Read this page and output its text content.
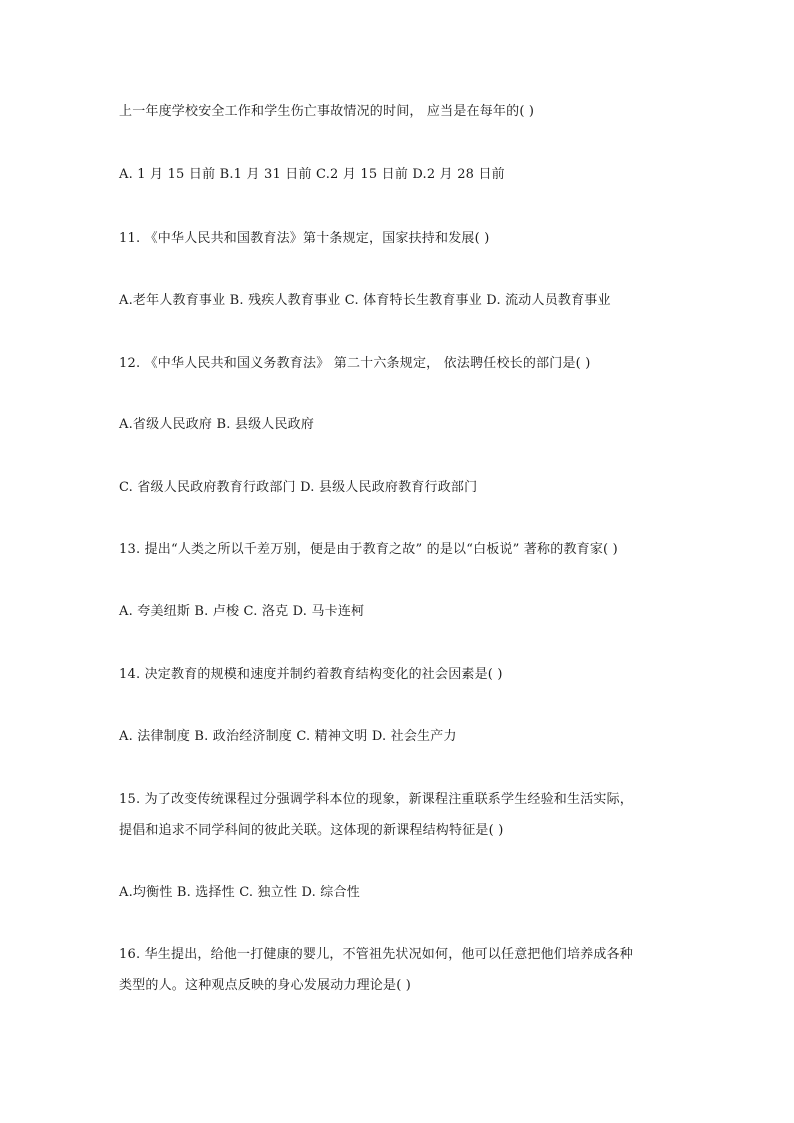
上一年度学校安全工作和学生伤亡事故情况的时间， 应当是在每年的( )
A. 1 月 15 日前 B.1 月 31 日前 C.2 月 15 日前 D.2 月 28 日前
11. 《中华人民共和国教育法》第十条规定，国家扶持和发展( )
A.老年人教育事业 B. 残疾人教育事业 C. 体育特长生教育事业 D. 流动人员教育事业
12. 《中华人民共和国义务教育法》 第二十六条规定， 依法聘任校长的部门是( )
A.省级人民政府 B. 县级人民政府
C. 省级人民政府教育行政部门 D. 县级人民政府教育行政部门
13. 提出“人类之所以千差万别，便是由于教育之故” 的是以“白板说” 著称的教育家( )
A. 夸美纽斯 B. 卢梭 C. 洛克 D. 马卡连柯
14. 决定教育的规模和速度并制约着教育结构变化的社会因素是( )
A. 法律制度 B. 政治经济制度 C. 精神文明 D. 社会生产力
15. 为了改变传统课程过分强调学科本位的现象，新课程注重联系学生经验和生活实际，
提倡和追求不同学科间的彼此关联。这体现的新课程结构特征是( )
A.均衡性 B. 选择性 C. 独立性 D. 综合性
16. 华生提出，给他一打健康的婴儿，不管祖先状况如何，他可以任意把他们培养成各种
类型的人。这种观点反映的身心发展动力理论是( )
